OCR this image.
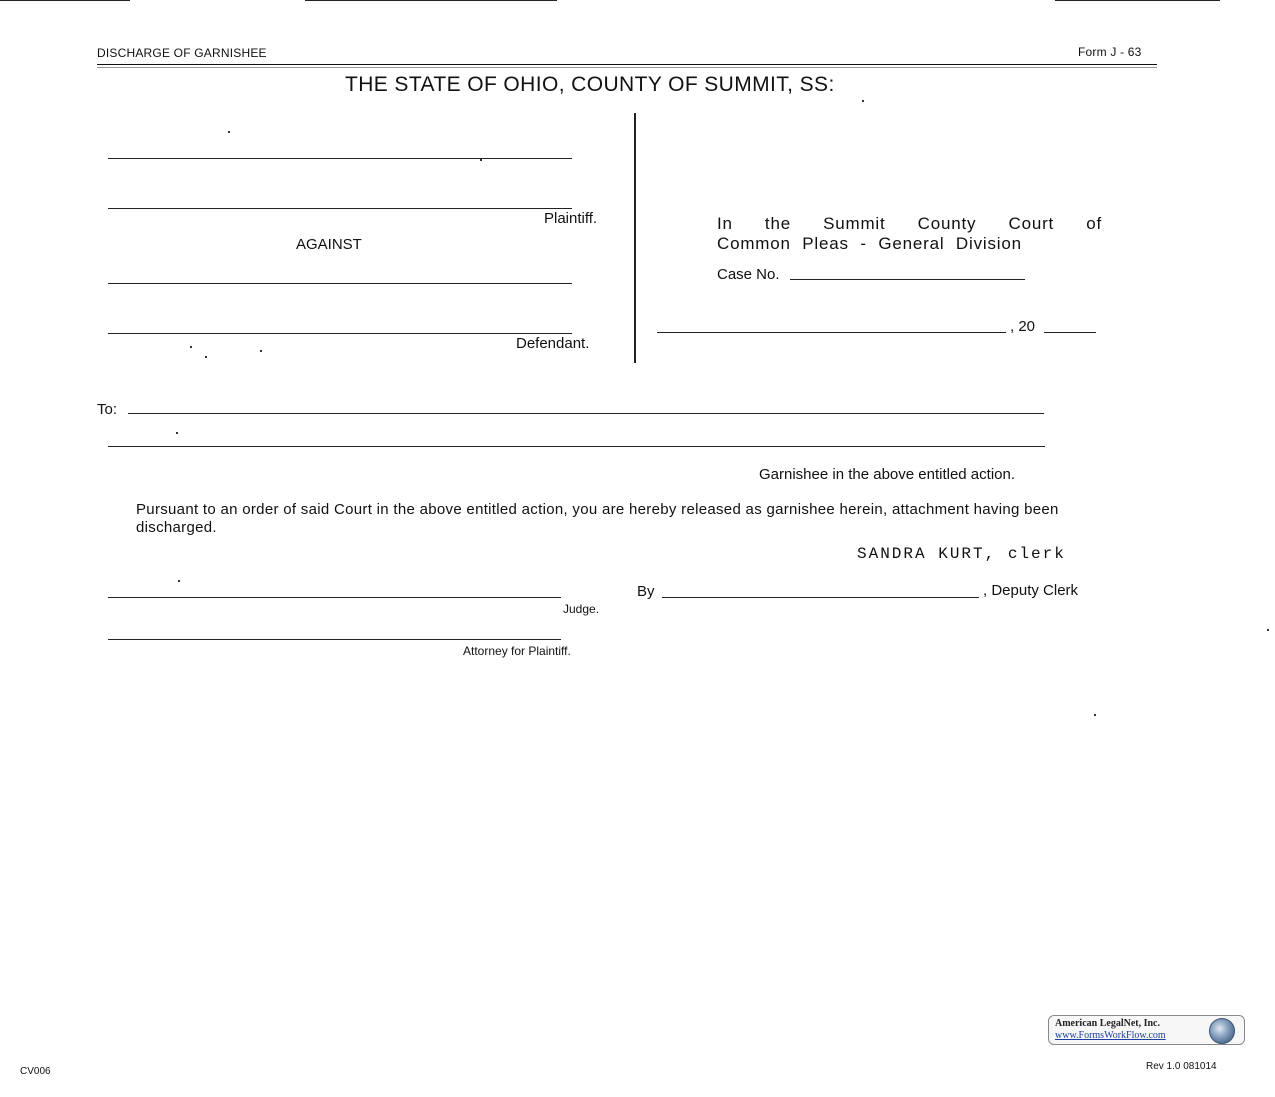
DISCHARGE OF GARNISHEE	Form J - 63
THE STATE OF OHIO, COUNTY OF SUMMIT, SS:
Plaintiff.
AGAINST
Defendant.
In the Summit County Court of
Common Pleas - General Division
Case No.
, 20
To:
Garnishee in the above entitled action.
Pursuant to an order of said Court in the above entitled action, you are hereby released as garnishee herein, attachment having been discharged.
SANDRA KURT, clerk
Judge.
By	, Deputy Clerk
Attorney for Plaintiff.
American LegalNet, Inc.
www.FormsWorkFlow.com
CV006	Rev 1.0 081014
